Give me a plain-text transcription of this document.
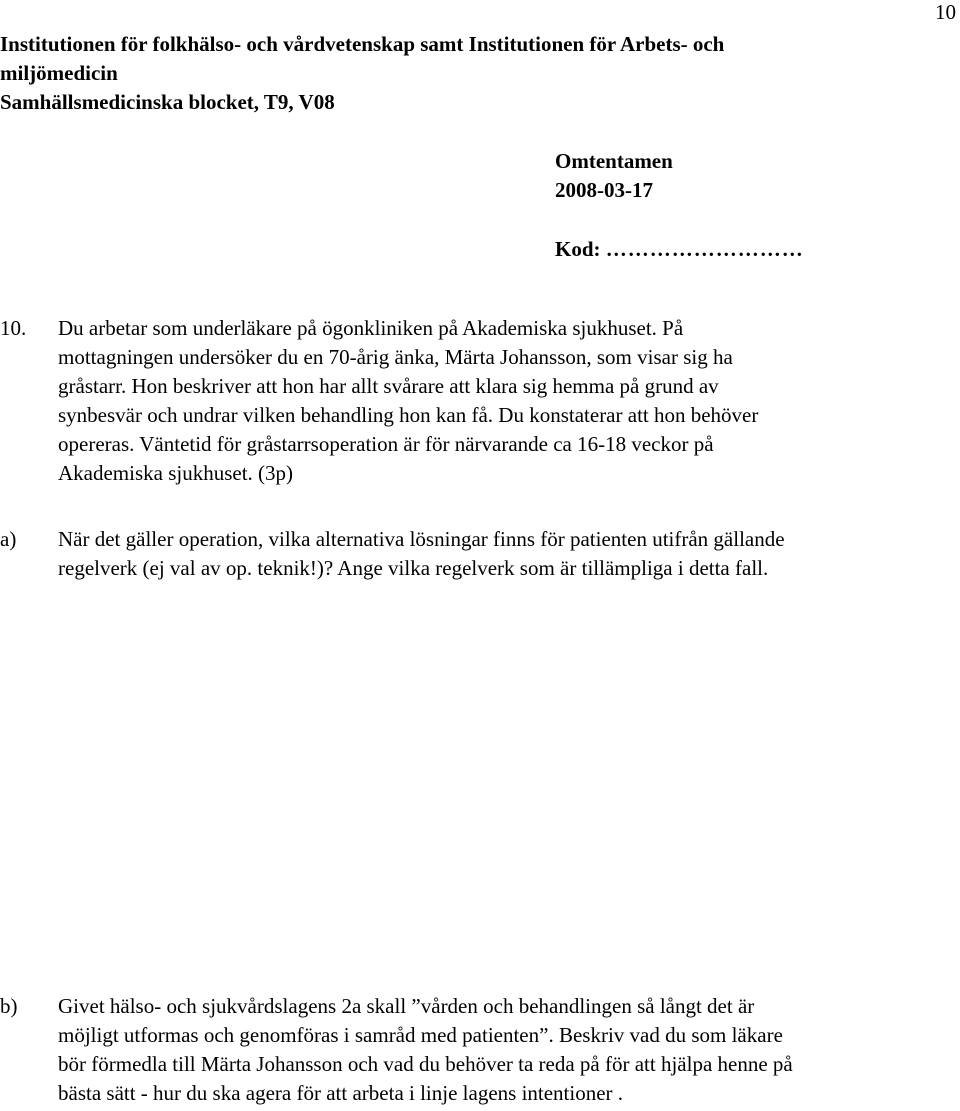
10
Institutionen för folkhälso- och vårdvetenskap samt Institutionen för Arbets- och
miljömedicin
Samhällsmedicinska blocket, T9, V08
Omtentamen
2008-03-17
Kod: ………………………
10. Du arbetar som underläkare på ögonkliniken på Akademiska sjukhuset. På
mottagningen undersöker du en 70-årig änka, Märta Johansson, som visar sig ha
gråstarr. Hon beskriver att hon har allt svårare att klara sig hemma på grund av
synbesvär och undrar vilken behandling hon kan få. Du konstaterar att hon behöver
opereras. Väntetid för gråstarrsoperation är för närvarande ca 16-18 veckor på
Akademiska sjukhuset. (3p)
a) När det gäller operation, vilka alternativa lösningar finns för patienten utifrån gällande
regelverk (ej val av op. teknik!)? Ange vilka regelverk som är tillämpliga i detta fall.
b) Givet hälso- och sjukvårdslagens 2a skall ”vården och behandlingen så långt det är
möjligt utformas och genomföras i samråd med patienten”. Beskriv vad du som läkare
bör förmedla till Märta Johansson och vad du behöver ta reda på för att hjälpa henne på
bästa sätt - hur du ska agera för att arbeta i linje lagens intentioner .
